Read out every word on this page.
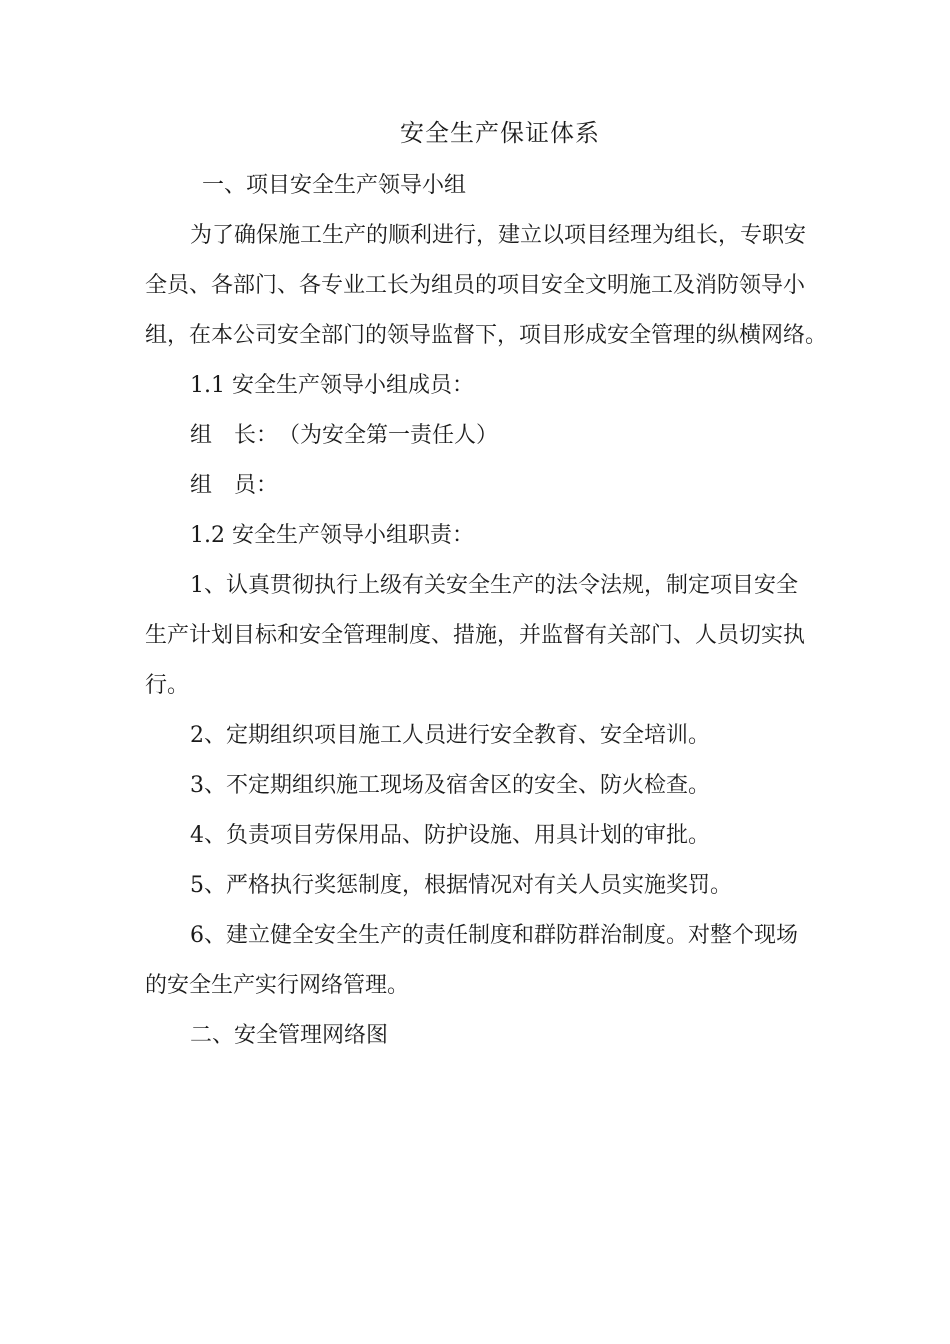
安全生产保证体系

一、项目安全生产领导小组

为了确保施工生产的顺利进行，建立以项目经理为组长，专职安

全员、各部门、各专业工长为组员的项目安全文明施工及消防领导小

组，在本公司安全部门的领导监督下，项目形成安全管理的纵横网络。

1.1 安全生产领导小组成员：

组　长：　（为安全第一责任人）

组　员：

1.2 安全生产领导小组职责：

1、认真贯彻执行上级有关安全生产的法令法规，制定项目安全

生产计划目标和安全管理制度、措施，并监督有关部门、人员切实执

行。

2、定期组织项目施工人员进行安全教育、安全培训。

3、不定期组织施工现场及宿舍区的安全、防火检查。

4、负责项目劳保用品、防护设施、用具计划的审批。

5、严格执行奖惩制度，根据情况对有关人员实施奖罚。

6、建立健全安全生产的责任制度和群防群治制度。对整个现场

的安全生产实行网络管理。

二、安全管理网络图
